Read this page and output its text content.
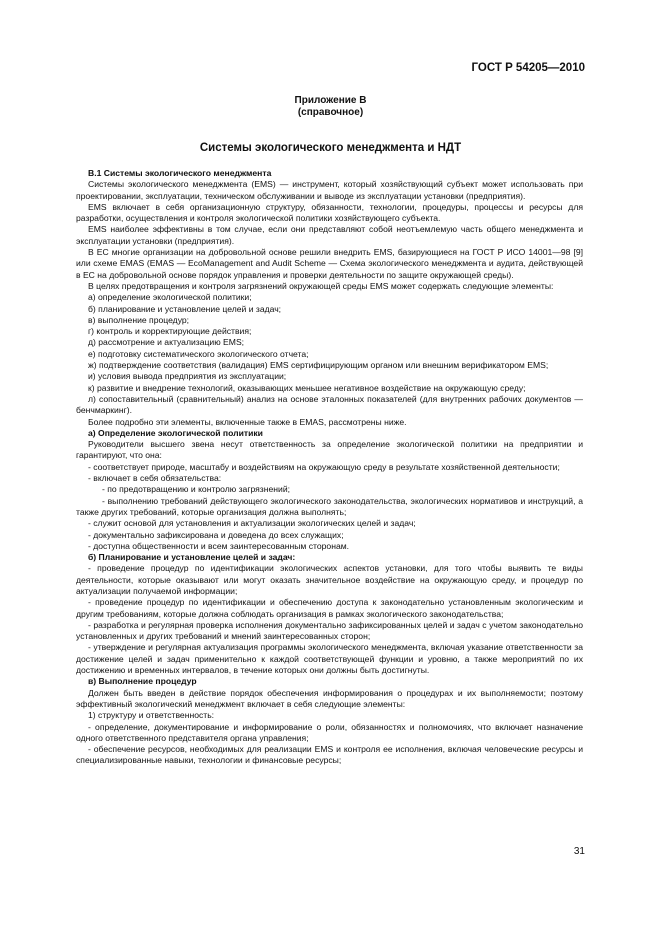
ГОСТ Р 54205—2010
Приложение В
(справочное)
Системы экологического менеджмента и НДТ

В.1 Системы экологического менеджмента

Системы экологического менеджмента (EMS) — инструмент, который хозяйствующий субъект может использовать при проектировании, эксплуатации, техническом обслуживании и выводе из эксплуатации установки (предприятия).

EMS включает в себя организационную структуру, обязанности, технологии, процедуры, процессы и ресурсы для разработки, осуществления и контроля экологической политики хозяйствующего субъекта.

EMS наиболее эффективны в том случае, если они представляют собой неотъемлемую часть общего менеджмента и эксплуатации установки (предприятия).

В ЕС многие организации на добровольной основе решили внедрить EMS, базирующиеся на ГОСТ Р ИСО 14001—98 [9] или схеме EMAS (EMAS — EcoManagement and Audit Scheme — Схема экологического менеджмента и аудита, действующей в ЕС на добровольной основе порядок управления и проверки деятельности по защите окружающей среды).

В целях предотвращения и контроля загрязнений окружающей среды EMS может содержать следующие элементы:

а) определение экологической политики;

б) планирование и установление целей и задач;

в) выполнение процедур;

г) контроль и корректирующие действия;

д) рассмотрение и актуализацию EMS;

е) подготовку систематического экологического отчета;

ж) подтверждение соответствия (валидация) EMS сертифицирующим органом или внешним верификатором EMS;

и) условия вывода предприятия из эксплуатации;

к) развитие и внедрение технологий, оказывающих меньшее негативное воздействие на окружающую среду;

л) сопоставительный (сравнительный) анализ на основе эталонных показателей (для внутренних рабочих документов — бенчмаркинг).

Более подробно эти элементы, включенные также в EMAS, рассмотрены ниже.

а) Определение экологической политики

Руководители высшего звена несут ответственность за определение экологической политики на предприятии и гарантируют, что она:

- соответствует природе, масштабу и воздействиям на окружающую среду в результате хозяйственной деятельности;

- включает в себя обязательства:

- по предотвращению и контролю загрязнений;

- выполнению требований действующего экологического законодательства, экологических нормативов и инструкций, а также других требований, которые организация должна выполнять;

- служит основой для установления и актуализации экологических целей и задач;

- документально зафиксирована и доведена до всех служащих;

- доступна общественности и всем заинтересованным сторонам.

б) Планирование и установление целей и задач:

- проведение процедур по идентификации экологических аспектов установки, для того чтобы выявить те виды деятельности, которые оказывают или могут оказать значительное воздействие на окружающую среду, и процедур по актуализации получаемой информации;

- проведение процедур по идентификации и обеспечению доступа к законодательно установленным экологическим и другим требованиям, которые должна соблюдать организация в рамках экологического законодательства;

- разработка и регулярная проверка исполнения документально зафиксированных целей и задач с учетом законодательно установленных и других требований и мнений заинтересованных сторон;

- утверждение и регулярная актуализация программы экологического менеджмента, включая указание ответственности за достижение целей и задач применительно к каждой соответствующей функции и уровню, а также мероприятий по их достижению и временных интервалов, в течение которых они должны быть достигнуты.

в) Выполнение процедур

Должен быть введен в действие порядок обеспечения информирования о процедурах и их выполняемости; поэтому эффективный экологический менеджмент включает в себя следующие элементы:

1) структуру и ответственность:

- определение, документирование и информирование о роли, обязанностях и полномочиях, что включает назначение одного ответственного представителя органа управления;

- обеспечение ресурсов, необходимых для реализации EMS и контроля ее исполнения, включая человеческие ресурсы и специализированные навыки, технологии и финансовые ресурсы;

31
